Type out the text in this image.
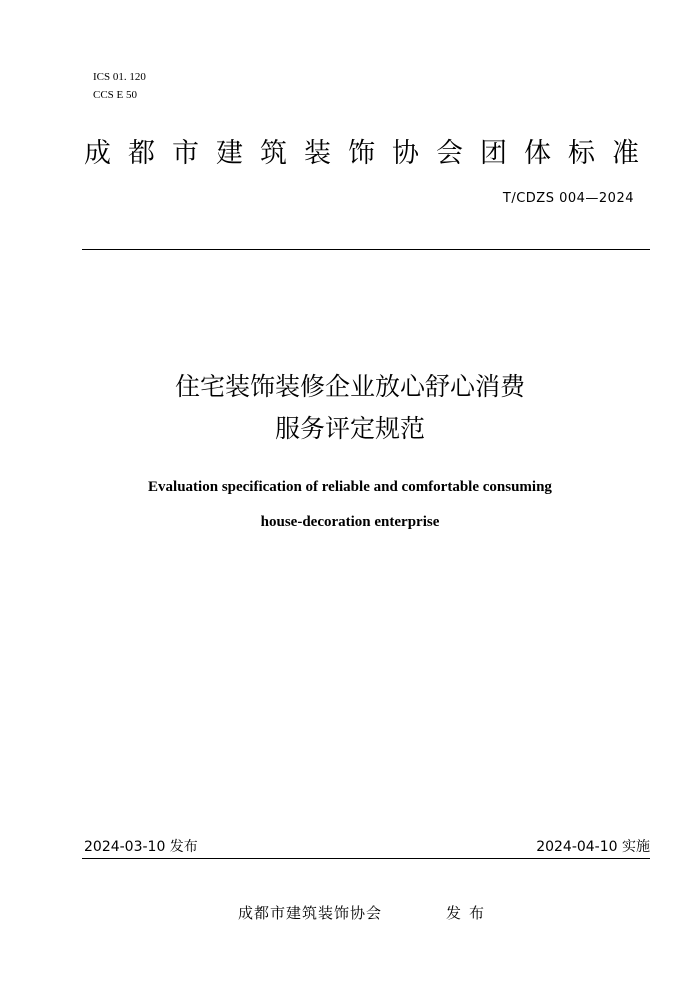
ICS 01. 120
CCS E 50
成都市建筑装饰协会团体标准
T/CDZS 004—2024
住宅装饰装修企业放心舒心消费
服务评定规范
Evaluation specification of reliable and comfortable consuming
house-decoration enterprise
2024-03-10 发布	2024-04-10 实施
成都市建筑装饰协会	发布
